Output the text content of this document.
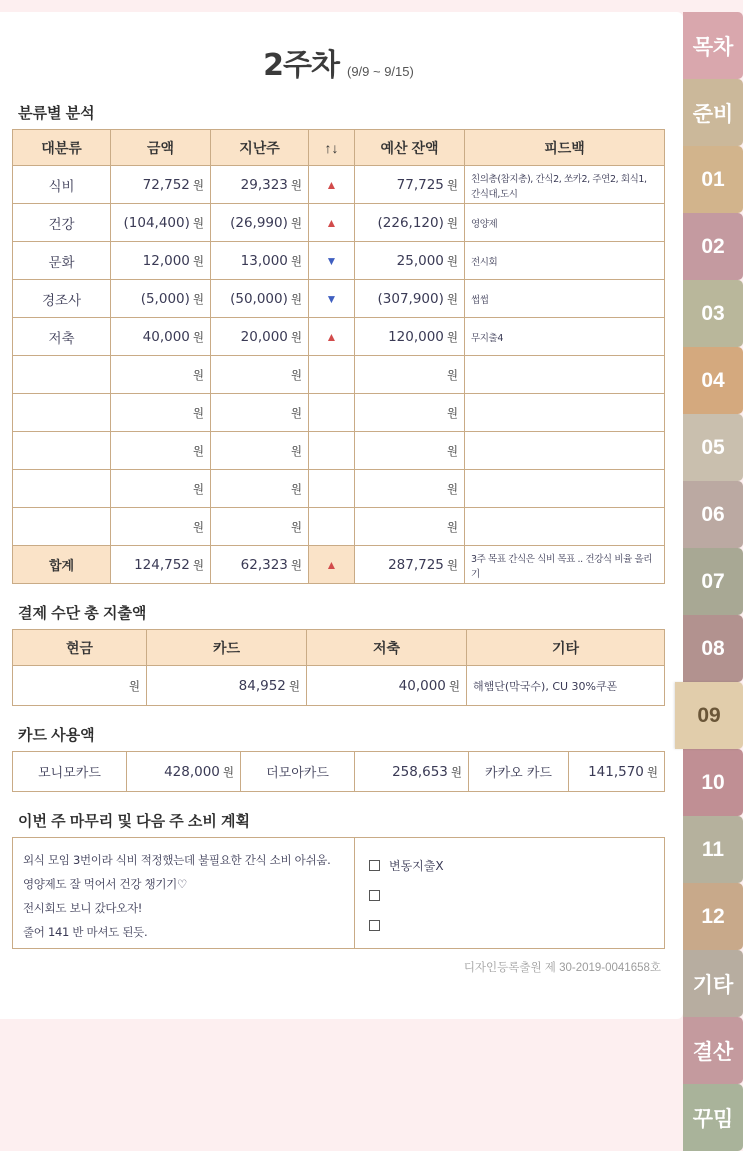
2주차 (9/9 ~ 9/15)
분류별 분석
대분류	금액	지난주	↑↓	예산 잔액	피드백
식비	72,752 원	29,323 원	▲	77,725 원	친의총(참지총), 간식2, 쏘카2, 주연2, 회식1, 간식대,도시
건강	(104,400) 원	(26,990) 원	▲	(226,120) 원	영양제
문화	12,000 원	13,000 원	▼	25,000 원	전시회
경조사	(5,000) 원	(50,000) 원	▼	(307,900) 원	썹썹
저축	40,000 원	20,000 원	▲	120,000 원	무지출4
	원	원		원	
	원	원		원	
	원	원		원	
	원	원		원	
	원	원		원	
합계	124,752 원	62,323 원	▲	287,725 원	3주 목표 간식은 식비 목표 .. 건강식 비율 올리기
결제 수단 총 지출액
현금	카드	저축	기타
원	84,952 원	40,000 원	해햄단(막국수), CU 30%쿠폰
카드 사용액
모니모카드	428,000 원	더모아카드	258,653 원	카카오 카드	141,570 원
이번 주 마무리 및 다음 주 소비 계획
외식 모임 3번이라 식비 적정했는데 불필요한 간식 소비 아쉬움.
영양제도 잘 먹어서 건강 챙기기♡
전시회도 보니 갔다오자!
줄어 141 반 마셔도 된듯.
변동지출X
디자인등록출원 제 30-2019-0041658호
목차
준비
01
02
03
04
05
06
07
08
09
10
11
12
기타
결산
꾸밈
